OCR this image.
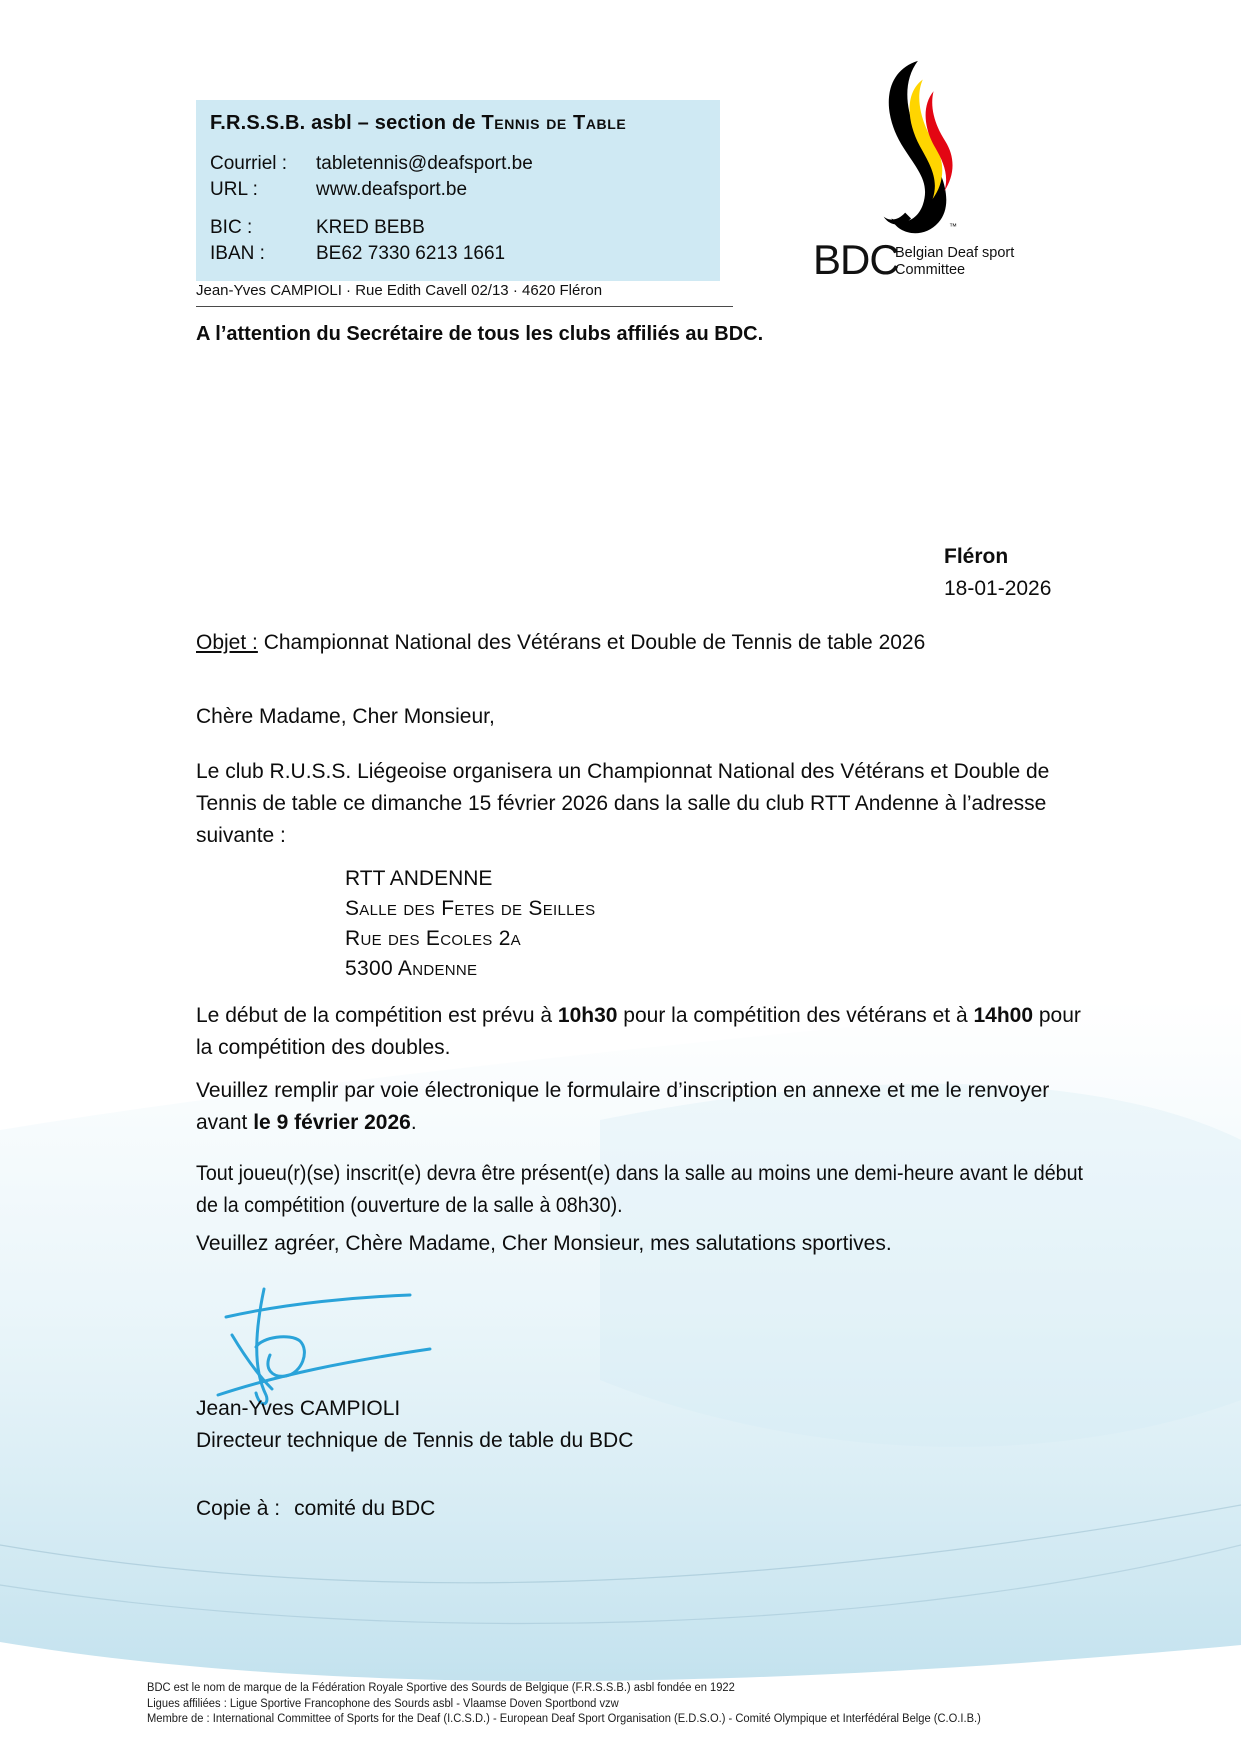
F.R.S.S.B. asbl – section de Tennis de Table
Courriel :	tabletennis@deafsport.be
URL :	www.deafsport.be
BIC :	KRED BEBB
IBAN :	BE62 7330 6213 1661
™
BDC
Belgian Deaf sport
Committee
Jean-Yves CAMPIOLI · Rue Edith Cavell 02/13 · 4620 Fléron
A l’attention du Secrétaire de tous les clubs affiliés au BDC.
Fléron
18-01-2026
Objet : Championnat National des Vétérans et Double de Tennis de table 2026
Chère Madame, Cher Monsieur,
Le club R.U.S.S. Liégeoise organisera un Championnat National des Vétérans et Double de Tennis de table ce dimanche 15 février 2026 dans la salle du club RTT Andenne à l’adresse suivante :
RTT ANDENNE
Salle des Fetes de Seilles
Rue des Ecoles 2a
5300 Andenne
Le début de la compétition est prévu à 10h30 pour la compétition des vétérans et à 14h00 pour la compétition des doubles.
Veuillez remplir par voie électronique le formulaire d’inscription en annexe et me le renvoyer avant le 9 février 2026.
Tout joueu(r)(se) inscrit(e) devra être présent(e) dans la salle au moins une demi-heure avant le début de la compétition (ouverture de la salle à 08h30).
Veuillez agréer, Chère Madame, Cher Monsieur, mes salutations sportives.
Jean-Yves CAMPIOLI
Directeur technique de Tennis de table du BDC
Copie à : comité du BDC
BDC est le nom de marque de la Fédération Royale Sportive des Sourds de Belgique (F.R.S.S.B.) asbl fondée en 1922
Ligues affiliées : Ligue Sportive Francophone des Sourds asbl - Vlaamse Doven Sportbond vzw
Membre de : International Committee of Sports for the Deaf (I.C.S.D.) - European Deaf Sport Organisation (E.D.S.O.) - Comité Olympique et Interfédéral Belge (C.O.I.B.)
